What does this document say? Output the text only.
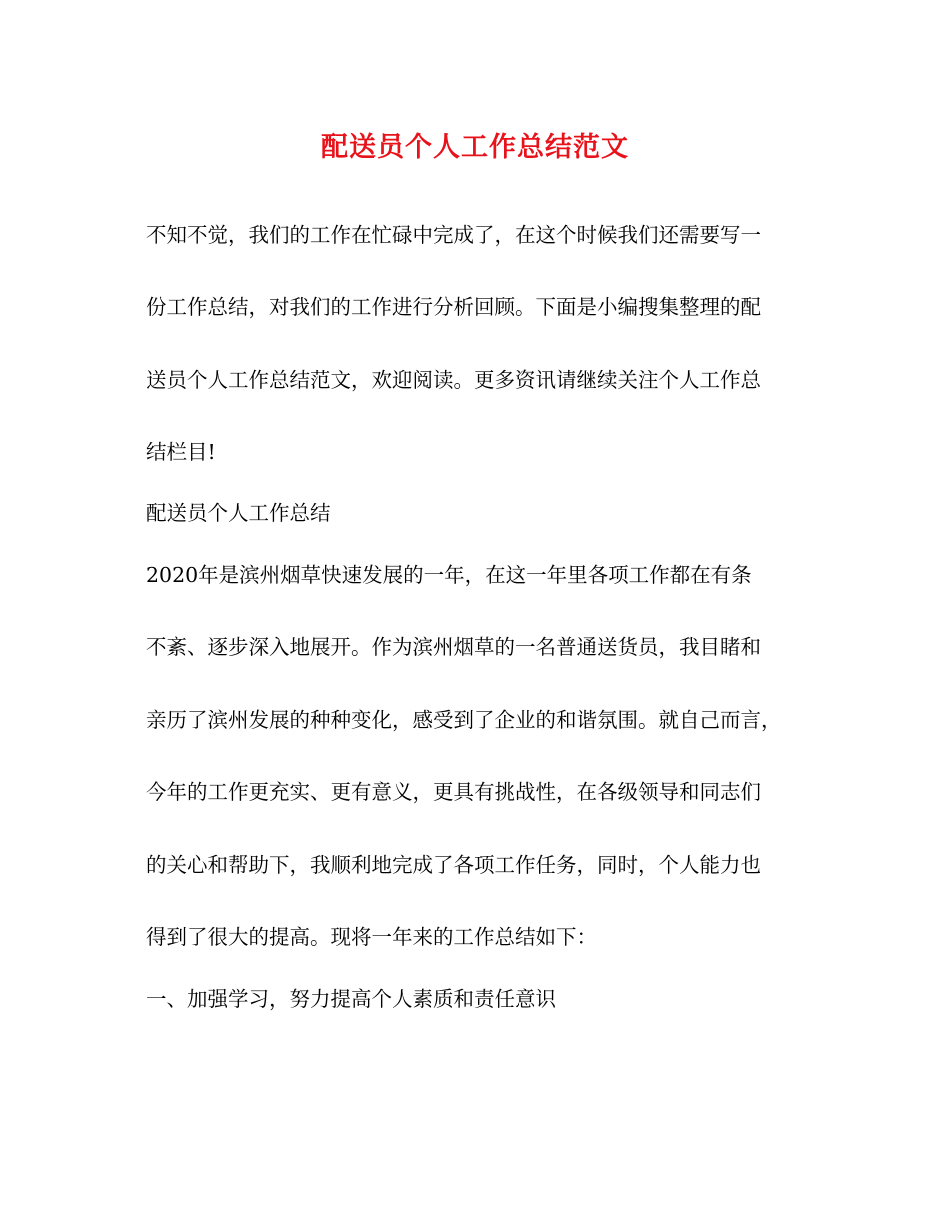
配送员个人工作总结范文
不知不觉，我们的工作在忙碌中完成了，在这个时候我们还需要写一
份工作总结，对我们的工作进行分析回顾。下面是小编搜集整理的配
送员个人工作总结范文，欢迎阅读。更多资讯请继续关注个人工作总
结栏目!
配送员个人工作总结
2020年是滨州烟草快速发展的一年，在这一年里各项工作都在有条
不紊、逐步深入地展开。作为滨州烟草的一名普通送货员，我目睹和
亲历了滨州发展的种种变化，感受到了企业的和谐氛围。就自己而言，
今年的工作更充实、更有意义，更具有挑战性，在各级领导和同志们
的关心和帮助下，我顺利地完成了各项工作任务，同时，个人能力也
得到了很大的提高。现将一年来的工作总结如下：
一、加强学习，努力提高个人素质和责任意识
